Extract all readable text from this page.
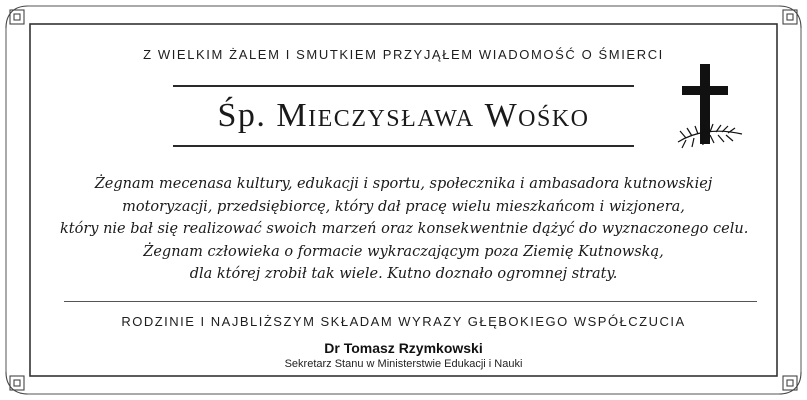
Z WIELKIM ŻALEM I SMUTKIEM PRZYJĄŁEM WIADOMOŚĆ O ŚMIERCI
Śp. Mieczysława Wośko
Żegnam mecenasa kultury, edukacji i sportu, społecznika i ambasadora kutnowskiej
motoryzacji, przedsiębiorcę, który dał pracę wielu mieszkańcom i wizjonera,
który nie bał się realizować swoich marzeń oraz konsekwentnie dążyć do wyznaczonego celu.
Żegnam człowieka o formacie wykraczającym poza Ziemię Kutnowską,
dla której zrobił tak wiele. Kutno doznało ogromnej straty.
RODZINIE I NAJBLIŻSZYM SKŁADAM WYRAZY GŁĘBOKIEGO WSPÓŁCZUCIA
Dr Tomasz Rzymkowski
Sekretarz Stanu w Ministerstwie Edukacji i Nauki
